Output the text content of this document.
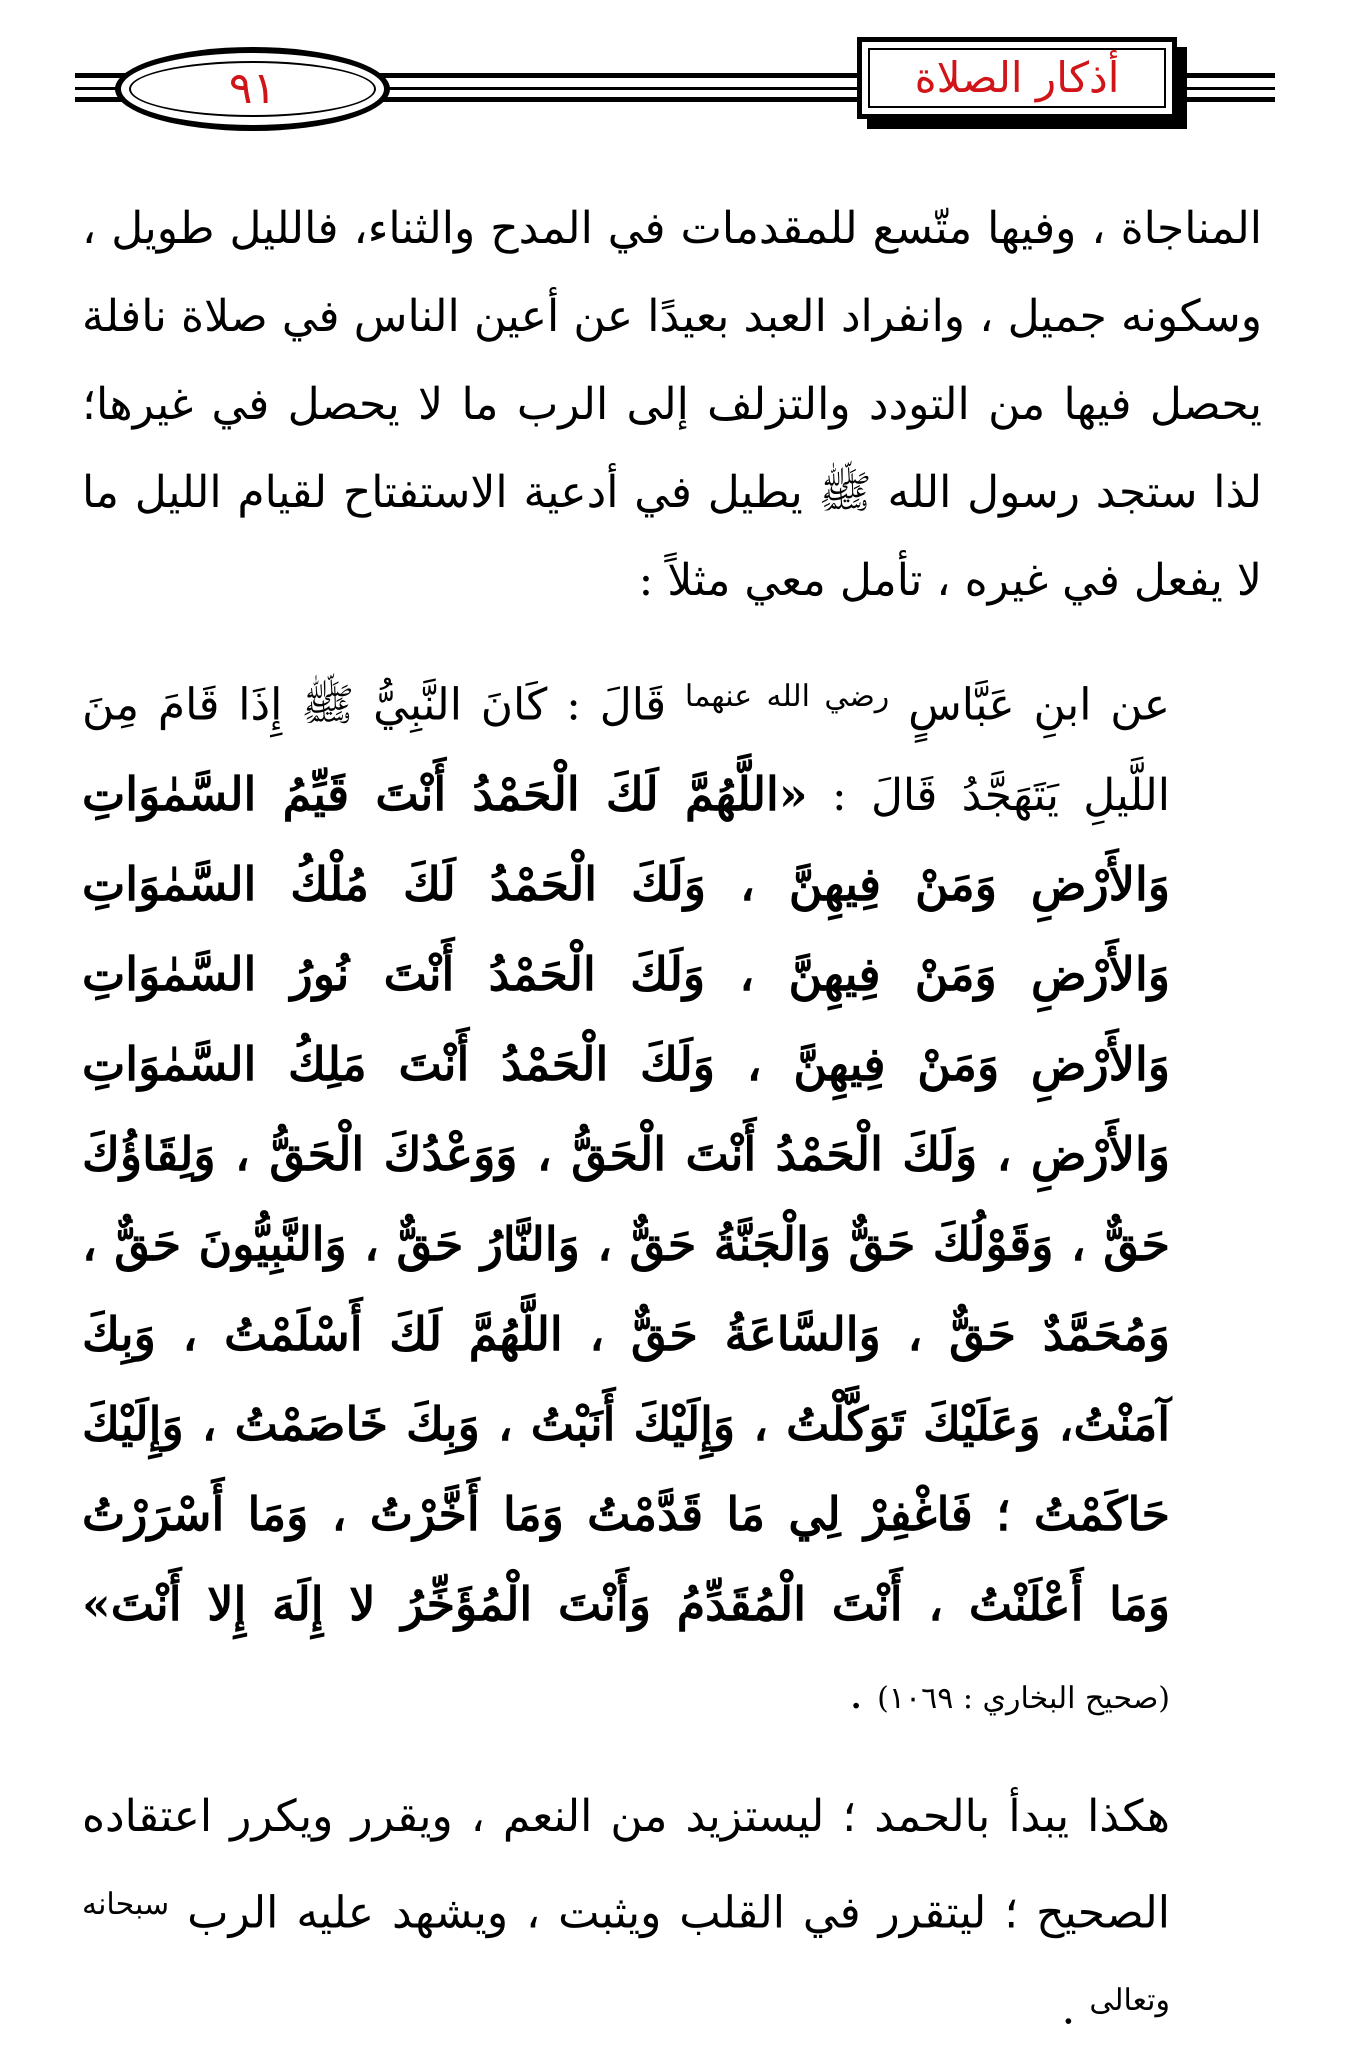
٩١	أذكار الصلاة

المناجاة ، وفيها متّسع للمقدمات في المدح والثناء، فالليل طويل ، وسكونه جميل ، وانفراد العبد بعيدًا عن أعين الناس في صلاة نافلة يحصل فيها من التودد والتزلف إلى الرب ما لا يحصل في غيرها؛ لذا ستجد رسول الله ﷺ يطيل في أدعية الاستفتاح لقيام الليل ما لا يفعل في غيره ، تأمل معي مثلاً :

عن ابنِ عَبَّاسٍ $^{رضي الله عنهما}$ قَالَ : كَانَ النَّبِيُّ ﷺ إِذَا قَامَ مِنَ اللَّيلِ يَتَهَجَّدُ قَالَ : «اللَّهُمَّ لَكَ الْحَمْدُ أَنْتَ قَيِّمُ السَّمٰوَاتِ وَالأَرْضِ وَمَنْ فِيهِنَّ ، وَلَكَ الْحَمْدُ لَكَ مُلْكُ السَّمٰوَاتِ وَالأَرْضِ وَمَنْ فِيهِنَّ ، وَلَكَ الْحَمْدُ أَنْتَ نُورُ السَّمٰوَاتِ وَالأَرْضِ وَمَنْ فِيهِنَّ ، وَلَكَ الْحَمْدُ أَنْتَ مَلِكُ السَّمٰوَاتِ وَالأَرْضِ ، وَلَكَ الْحَمْدُ أَنْتَ الْحَقُّ ، وَوَعْدُكَ الْحَقُّ ، وَلِقَاؤُكَ حَقٌّ ، وَقَوْلُكَ حَقٌّ وَالْجَنَّةُ حَقٌّ ، وَالنَّارُ حَقٌّ ، وَالنَّبِيُّونَ حَقٌّ ، وَمُحَمَّدٌ حَقٌّ ، وَالسَّاعَةُ حَقٌّ ، اللَّهُمَّ لَكَ أَسْلَمْتُ ، وَبِكَ آمَنْتُ، وَعَلَيْكَ تَوَكَّلْتُ ، وَإِلَيْكَ أَنَبْتُ ، وَبِكَ خَاصَمْتُ ، وَإِلَيْكَ حَاكَمْتُ ؛ فَاغْفِرْ لِي مَا قَدَّمْتُ وَمَا أَخَّرْتُ ، وَمَا أَسْرَرْتُ وَمَا أَعْلَنْتُ ، أَنْتَ الْمُقَدِّمُ وَأَنْتَ الْمُؤَخِّرُ لا إِلَهَ إِلا أَنْتَ» (صحيح البخاري : ١٠٦٩) .

هكذا يبدأ بالحمد ؛ ليستزيد من النعم ، ويقرر ويكرر اعتقاده الصحيح ؛ ليتقرر في القلب ويثبت ، ويشهد عليه الرب $^{سبحانه وتعالى}$ .
